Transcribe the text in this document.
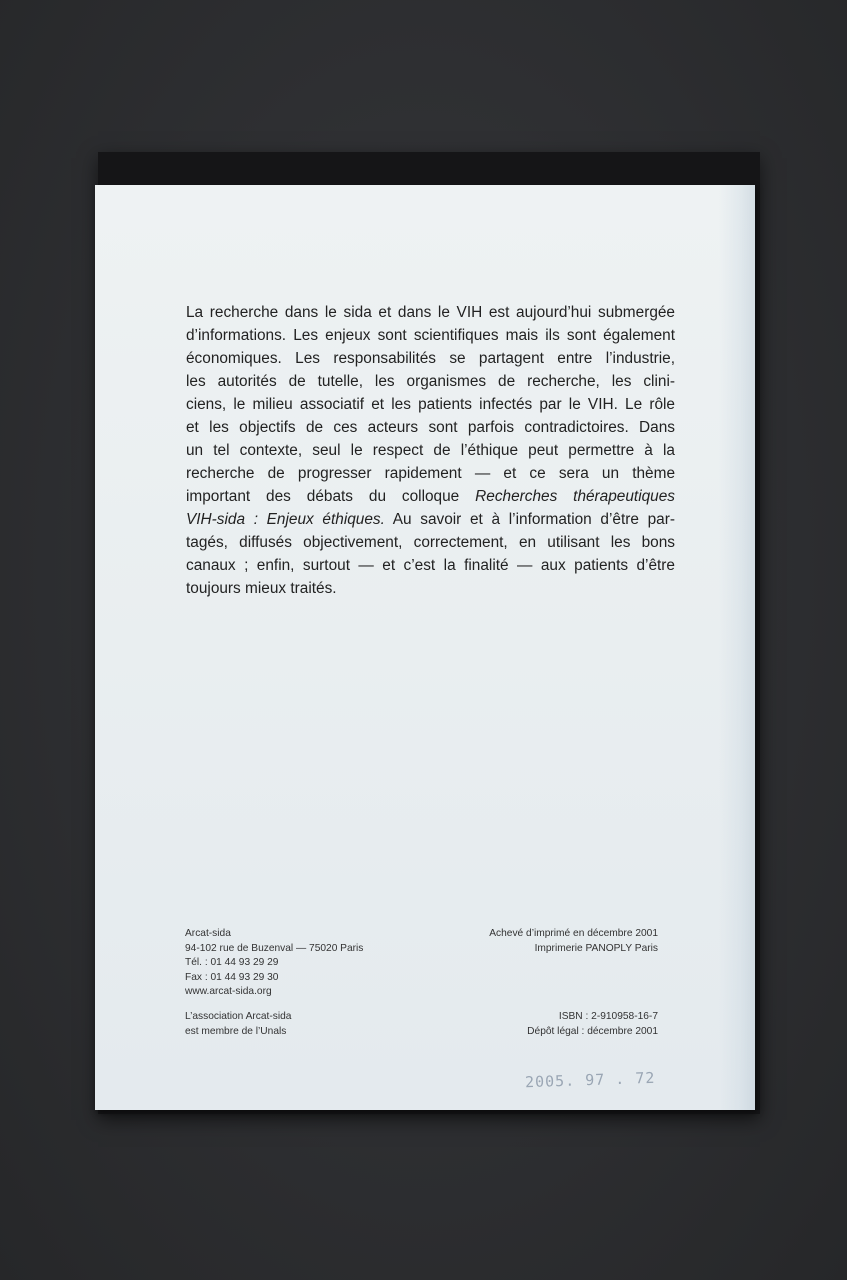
La recherche dans le sida et dans le VIH est aujourd’hui submergée
d’informations. Les enjeux sont scientifiques mais ils sont également
économiques. Les responsabilités se partagent entre l’industrie,
les autorités de tutelle, les organismes de recherche, les clini-
ciens, le milieu associatif et les patients infectés par le VIH. Le rôle
et les objectifs de ces acteurs sont parfois contradictoires. Dans
un tel contexte, seul le respect de l’éthique peut permettre à la
recherche de progresser rapidement — et ce sera un thème
important des débats du colloque Recherches thérapeutiques
VIH-sida : Enjeux éthiques. Au savoir et à l’information d’être par-
tagés, diffusés objectivement, correctement, en utilisant les bons
canaux ; enfin, surtout — et c’est la finalité — aux patients d’être
toujours mieux traités.
Arcat-sida
94-102 rue de Buzenval — 75020 Paris
Tél. : 01 44 93 29 29
Fax : 01 44 93 29 30
www.arcat-sida.org
L’association Arcat-sida
est membre de l’Unals
Achevé d’imprimé en décembre 2001
Imprimerie PANOPLY Paris
ISBN : 2-910958-16-7
Dépôt légal : décembre 2001
2005. 97 . 72
